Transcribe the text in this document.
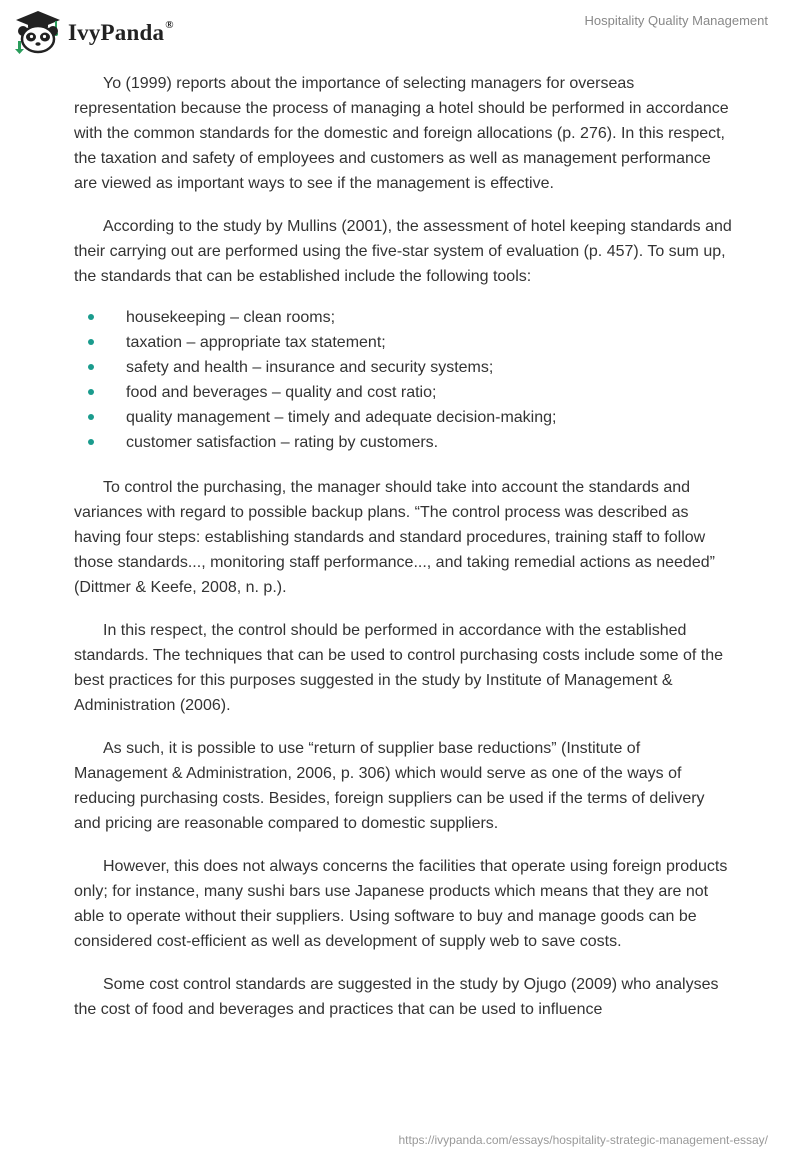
IvyPanda®	Hospitality Quality Management

Yo (1999) reports about the importance of selecting managers for overseas representation because the process of managing a hotel should be performed in accordance with the common standards for the domestic and foreign allocations (p. 276). In this respect, the taxation and safety of employees and customers as well as management performance are viewed as important ways to see if the management is effective.

According to the study by Mullins (2001), the assessment of hotel keeping standards and their carrying out are performed using the five-star system of evaluation (p. 457). To sum up, the standards that can be established include the following tools:

housekeeping – clean rooms;
taxation – appropriate tax statement;
safety and health – insurance and security systems;
food and beverages – quality and cost ratio;
quality management – timely and adequate decision-making;
customer satisfaction – rating by customers.

To control the purchasing, the manager should take into account the standards and variances with regard to possible backup plans. “The control process was described as having four steps: establishing standards and standard procedures, training staff to follow those standards..., monitoring staff performance..., and taking remedial actions as needed” (Dittmer & Keefe, 2008, n. p.).

In this respect, the control should be performed in accordance with the established standards. The techniques that can be used to control purchasing costs include some of the best practices for this purposes suggested in the study by Institute of Management & Administration (2006).

As such, it is possible to use “return of supplier base reductions” (Institute of Management & Administration, 2006, p. 306) which would serve as one of the ways of reducing purchasing costs. Besides, foreign suppliers can be used if the terms of delivery and pricing are reasonable compared to domestic suppliers.

However, this does not always concerns the facilities that operate using foreign products only; for instance, many sushi bars use Japanese products which means that they are not able to operate without their suppliers. Using software to buy and manage goods can be considered cost-efficient as well as development of supply web to save costs.

Some cost control standards are suggested in the study by Ojugo (2009) who analyses the cost of food and beverages and practices that can be used to influence

https://ivypanda.com/essays/hospitality-strategic-management-essay/
